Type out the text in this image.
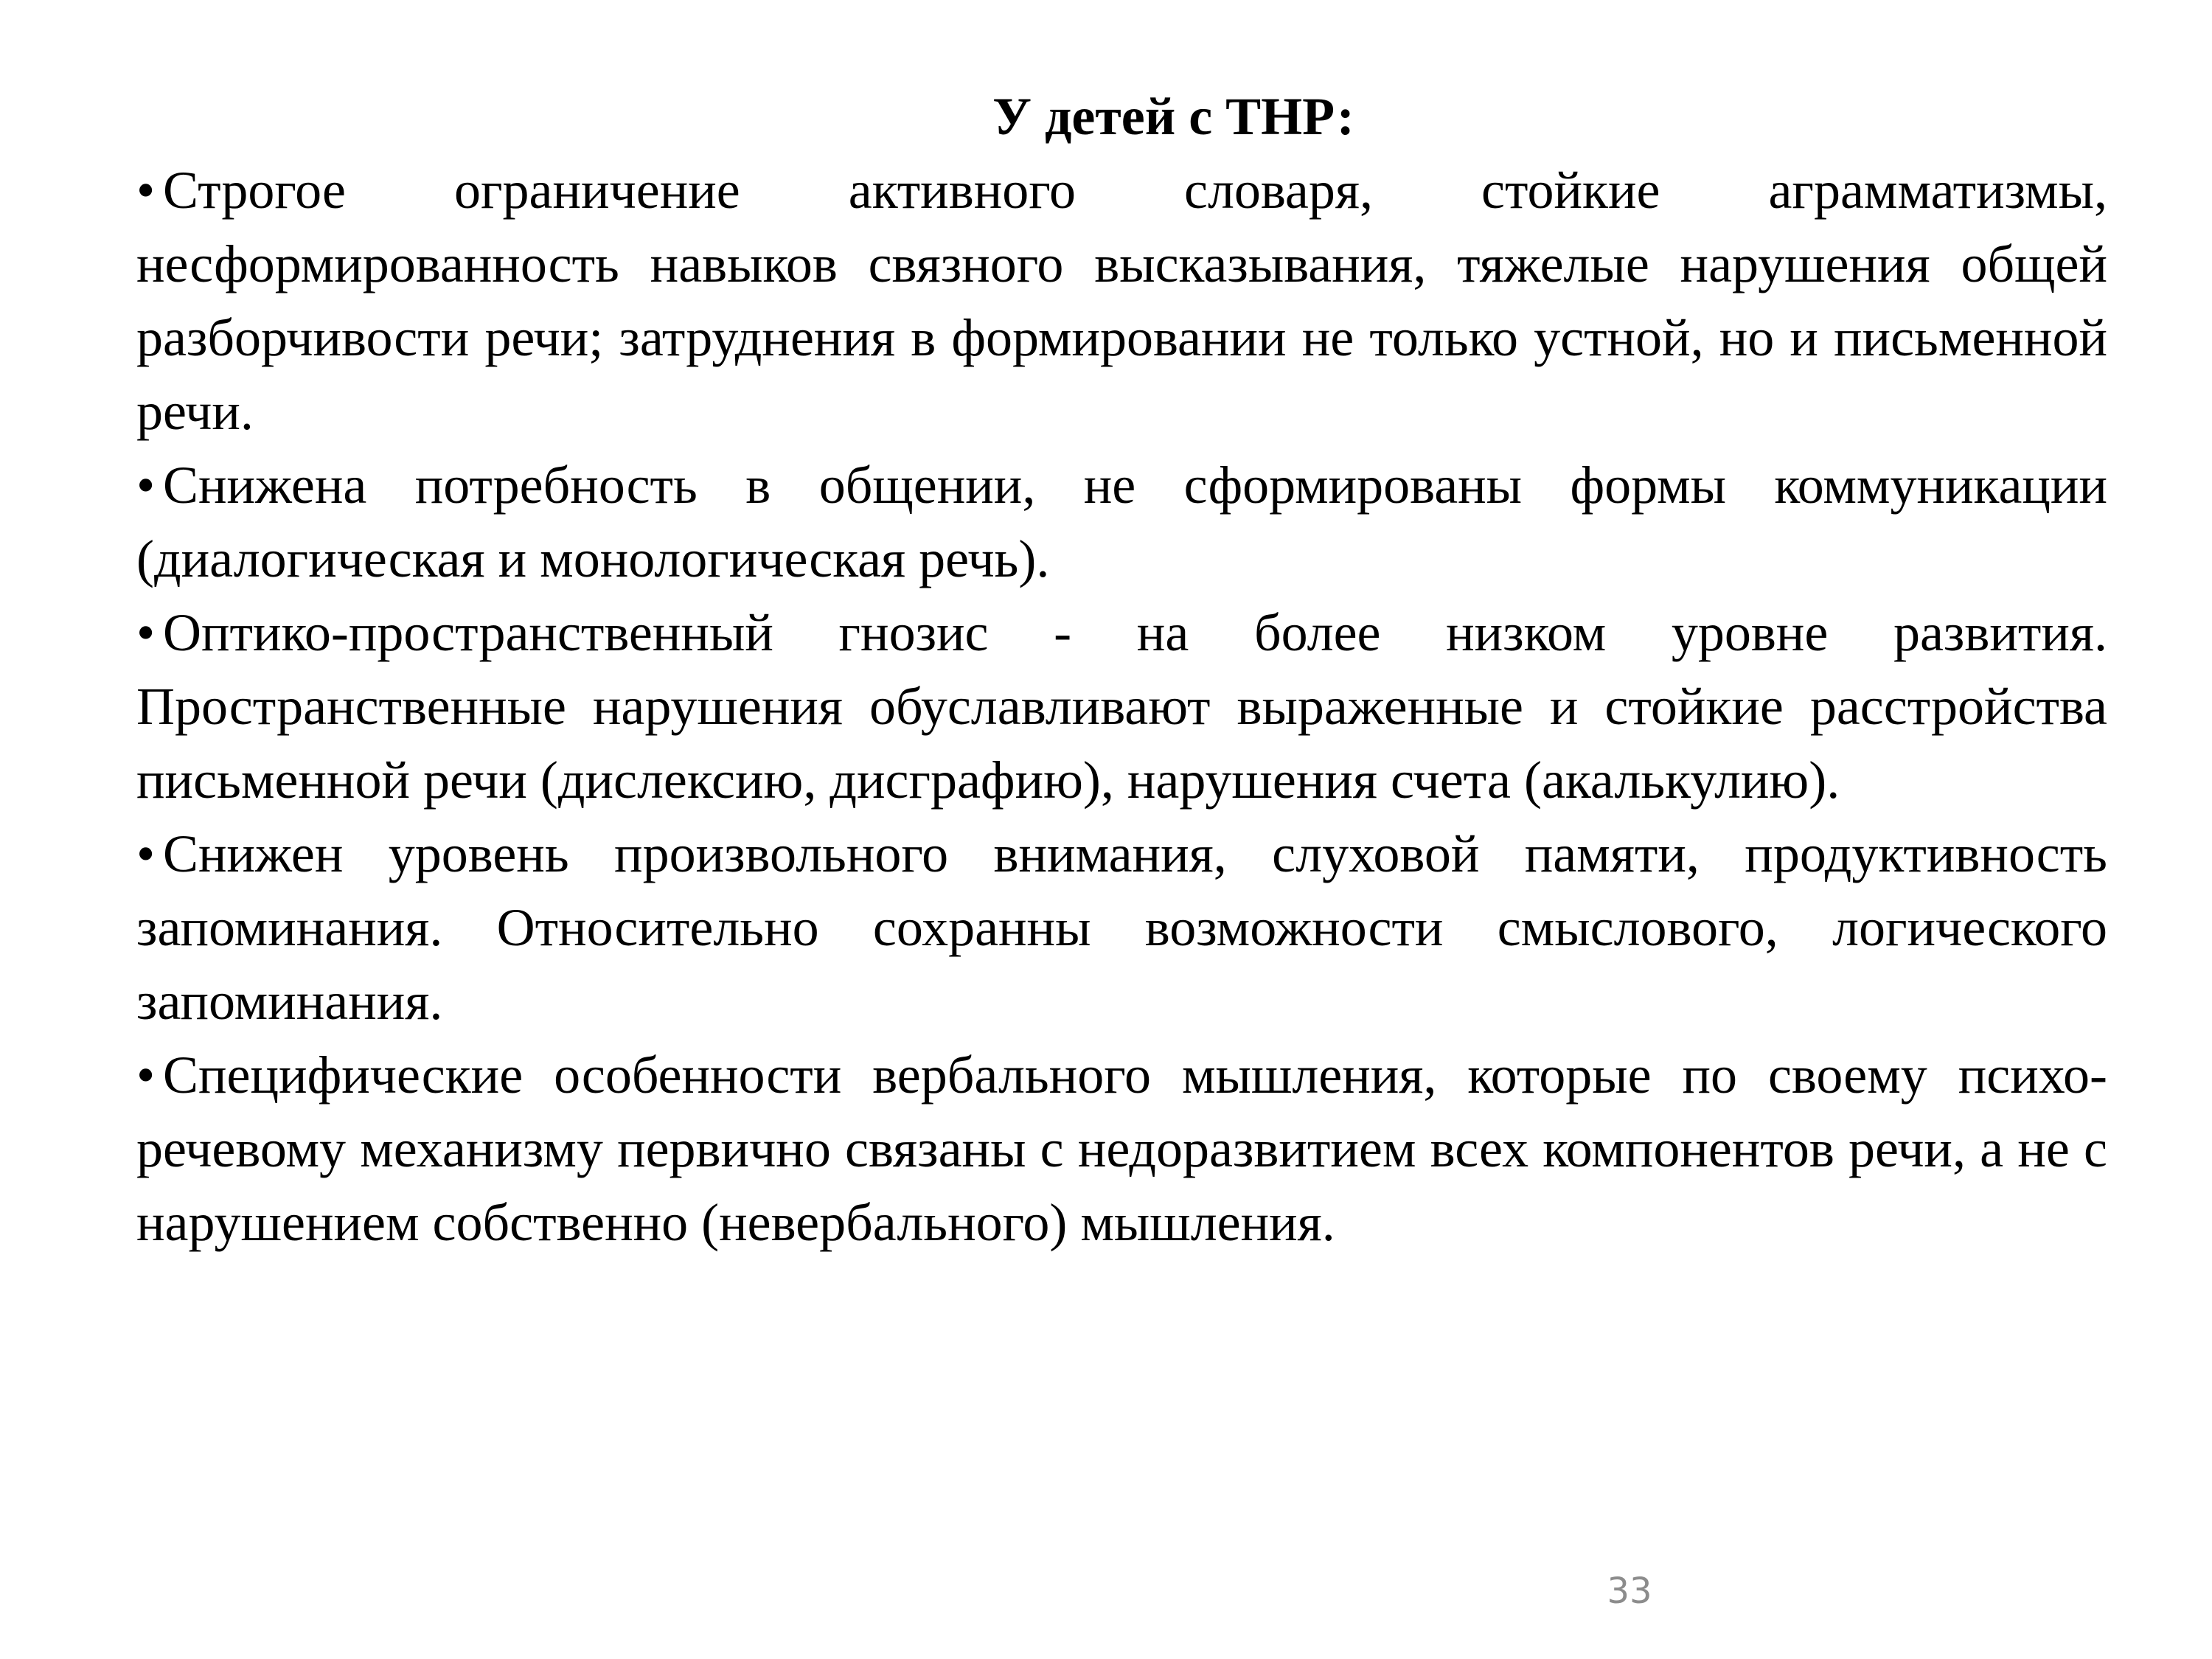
У детей с ТНР:

• Строгое ограничение активного словаря, стойкие аграмматизмы, несформированность навыков связного высказывания, тяжелые нарушения общей разборчивости речи; затруднения в формировании не только устной, но и письменной речи.

• Снижена потребность в общении, не сформированы формы коммуникации (диалогическая и монологическая речь).

• Оптико-пространственный гнозис - на более низком уровне развития. Пространственные нарушения обуславливают выраженные и стойкие расстройства письменной речи (дислексию, дисграфию), нарушения счета (акалькулию).

• Снижен уровень произвольного внимания, слуховой памяти, продуктивность запоминания. Относительно сохранны возможности смыслового, логического запоминания.

• Специфические особенности вербального мышления, которые по своему психо-речевому механизму первично связаны с недоразвитием всех компонентов речи, а не с нарушением собственно (невербального) мышления.

33
